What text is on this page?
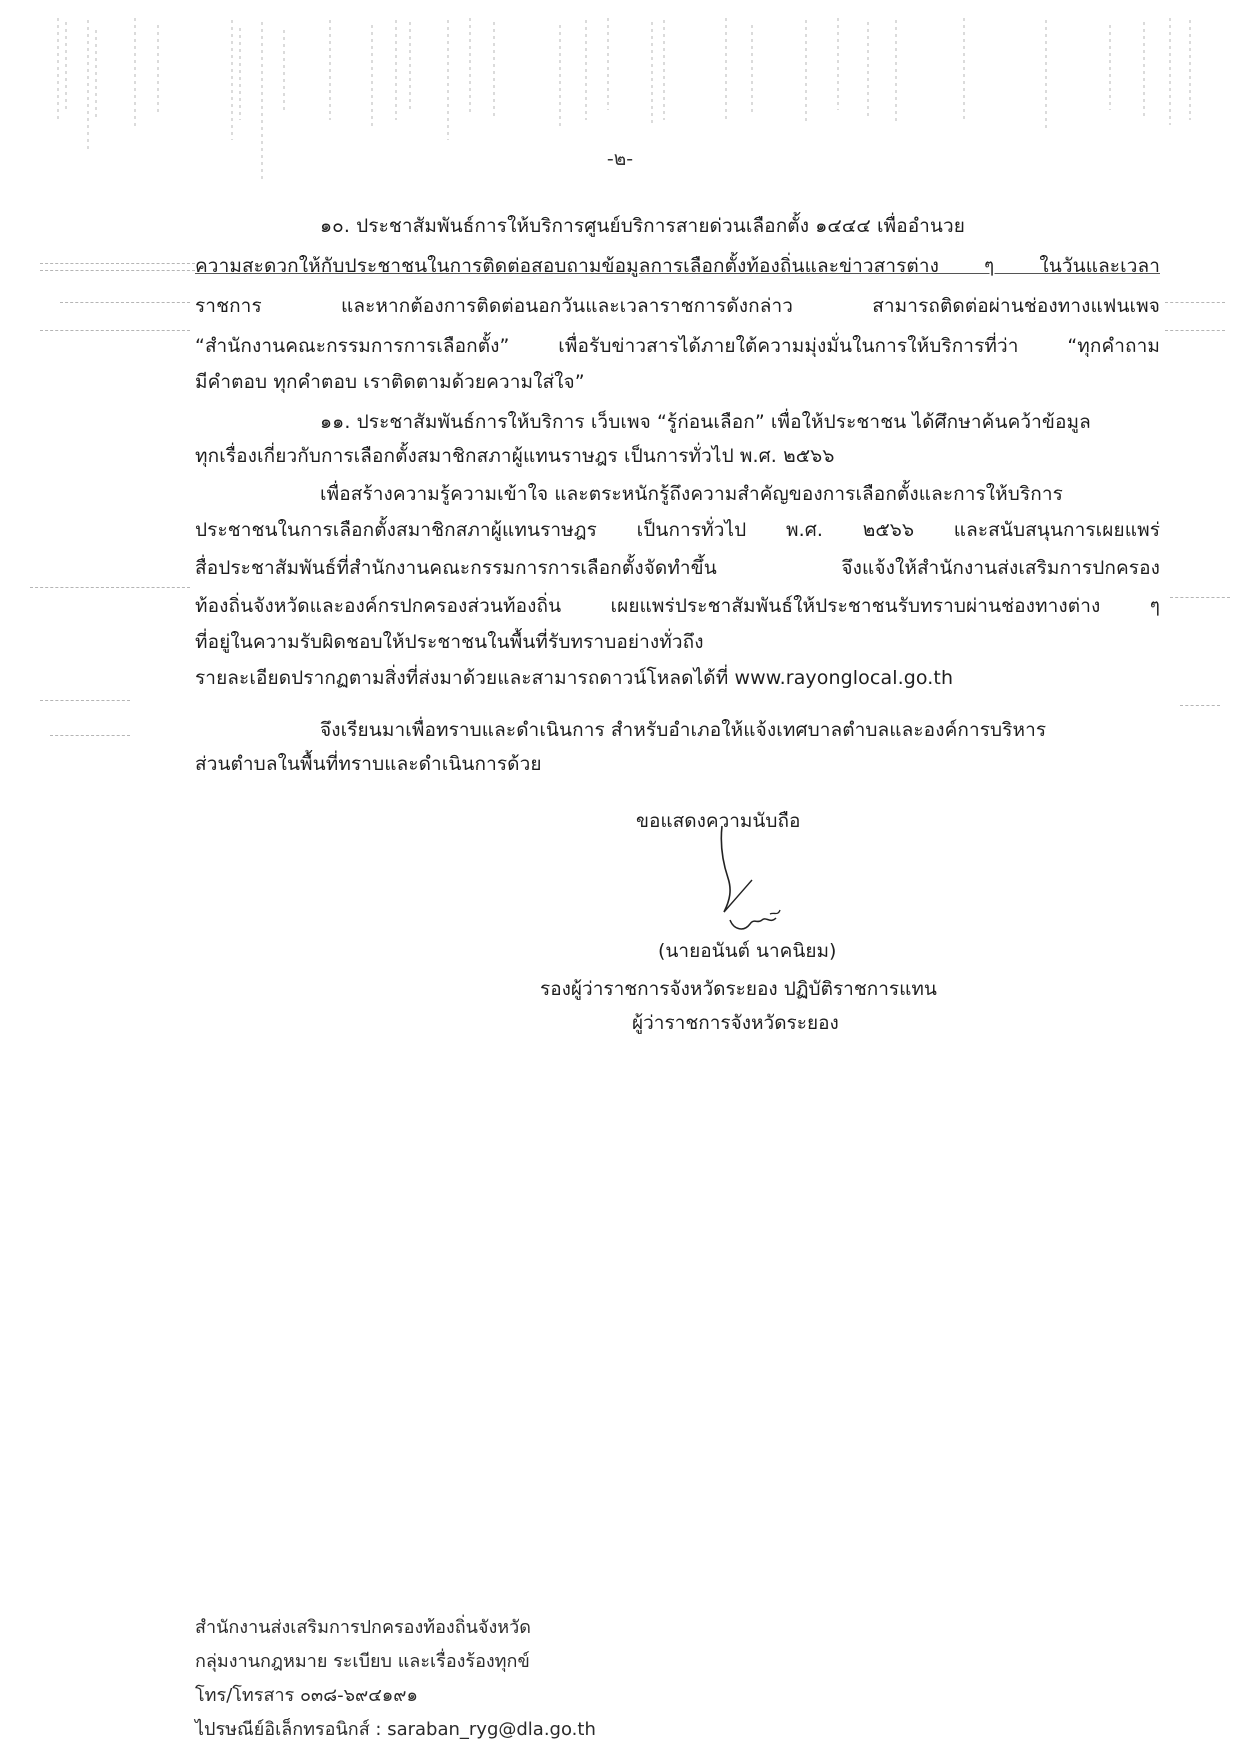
-๒-
๑๐. ประชาสัมพันธ์การให้บริการศูนย์บริการสายด่วนเลือกตั้ง ๑๔๔๔ เพื่ออำนวย
ความสะดวกให้กับประชาชนในการติดต่อสอบถามข้อมูลการเลือกตั้งท้องถิ่นและข่าวสารต่าง ๆ ในวันและเวลา
ราชการ และหากต้องการติดต่อนอกวันและเวลาราชการดังกล่าว สามารถติดต่อผ่านช่องทางแฟนเพจ
“สำนักงานคณะกรรมการการเลือกตั้ง” เพื่อรับข่าวสารได้ภายใต้ความมุ่งมั่นในการให้บริการที่ว่า “ทุกคำถาม
มีคำตอบ ทุกคำตอบ เราติดตามด้วยความใส่ใจ”
๑๑. ประชาสัมพันธ์การให้บริการ เว็บเพจ “รู้ก่อนเลือก” เพื่อให้ประชาชน ได้ศึกษาค้นคว้าข้อมูล
ทุกเรื่องเกี่ยวกับการเลือกตั้งสมาชิกสภาผู้แทนราษฎร เป็นการทั่วไป พ.ศ. ๒๕๖๖
เพื่อสร้างความรู้ความเข้าใจ และตระหนักรู้ถึงความสำคัญของการเลือกตั้งและการให้บริการ
ประชาชนในการเลือกตั้งสมาชิกสภาผู้แทนราษฎร เป็นการทั่วไป พ.ศ. ๒๕๖๖ และสนับสนุนการเผยแพร่
สื่อประชาสัมพันธ์ที่สำนักงานคณะกรรมการการเลือกตั้งจัดทำขึ้น จึงแจ้งให้สำนักงานส่งเสริมการปกครอง
ท้องถิ่นจังหวัดและองค์กรปกครองส่วนท้องถิ่น เผยแพร่ประชาสัมพันธ์ให้ประชาชนรับทราบผ่านช่องทางต่าง ๆ
ที่อยู่ในความรับผิดชอบให้ประชาชนในพื้นที่รับทราบอย่างทั่วถึง
รายละเอียดปรากฏตามสิ่งที่ส่งมาด้วยและสามารถดาวน์โหลดได้ที่ www.rayonglocal.go.th
จึงเรียนมาเพื่อทราบและดำเนินการ สำหรับอำเภอให้แจ้งเทศบาลตำบลและองค์การบริหาร
ส่วนตำบลในพื้นที่ทราบและดำเนินการด้วย
ขอแสดงความนับถือ
(นายอนันต์ นาคนิยม)
รองผู้ว่าราชการจังหวัดระยอง ปฏิบัติราชการแทน
ผู้ว่าราชการจังหวัดระยอง
สำนักงานส่งเสริมการปกครองท้องถิ่นจังหวัด
กลุ่มงานกฎหมาย ระเบียบ และเรื่องร้องทุกข์
โทร/โทรสาร ๐๓๘-๖๙๔๑๙๑
ไปรษณีย์อิเล็กทรอนิกส์ : saraban_ryg@dla.go.th
